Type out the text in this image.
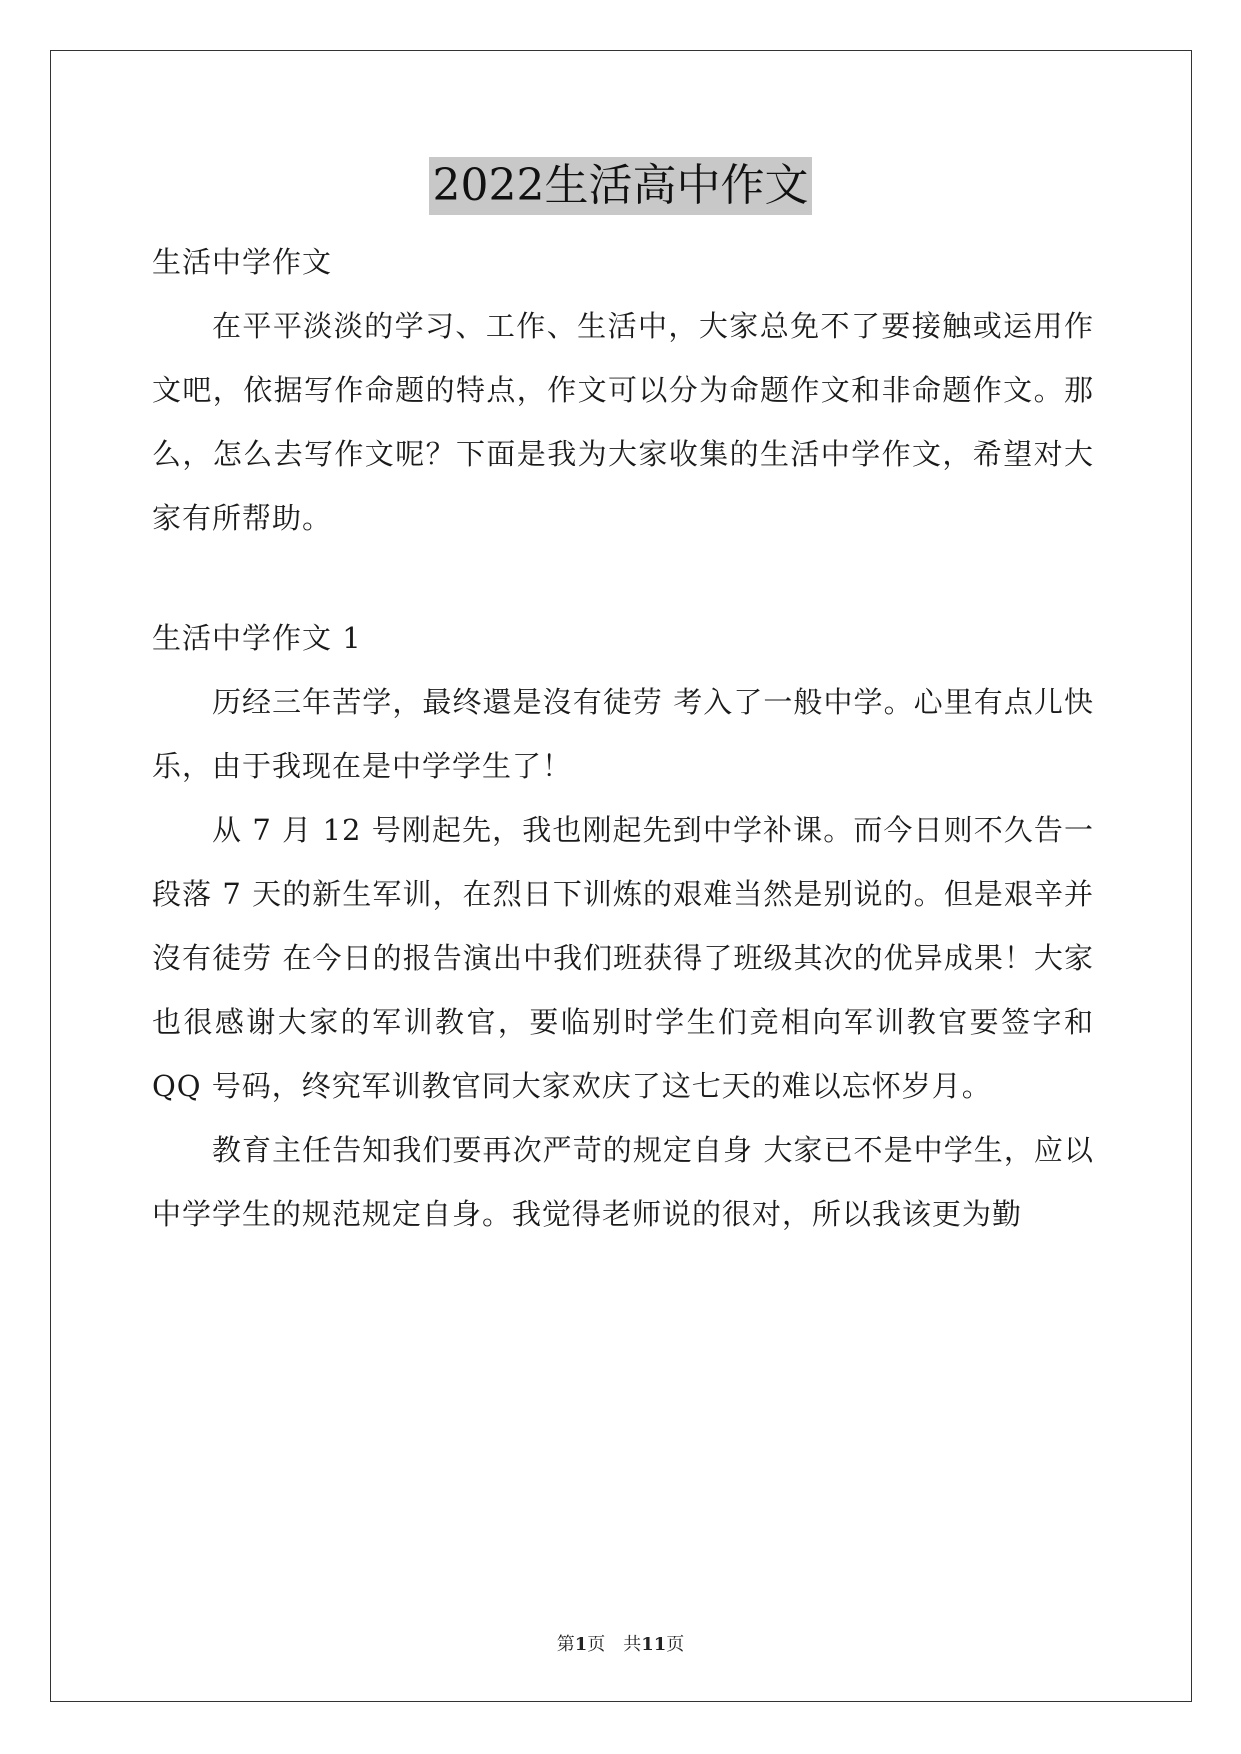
2022生活高中作文

生活中学作文

在平平淡淡的学习、工作、生活中，大家总免不了要接触或运用作文吧，依据写作命题的特点，作文可以分为命题作文和非命题作文。那么，怎么去写作文呢？下面是我为大家收集的生活中学作文，希望对大家有所帮助。

生活中学作文 1

历经三年苦学，最终還是沒有徒劳 考入了一般中学。心里有点儿快乐，由于我现在是中学学生了！

从 7 月 12 号刚起先，我也刚起先到中学补课。而今日则不久告一段落 7 天的新生军训，在烈日下训炼的艰难当然是别说的。但是艰辛并沒有徒劳 在今日的报告演出中我们班获得了班级其次的优异成果！大家也很感谢大家的军训教官，要临别时学生们竞相向军训教官要签字和 QQ 号码，终究军训教官同大家欢庆了这七天的难以忘怀岁月。

教育主任告知我们要再次严苛的规定自身 大家已不是中学生，应以中学学生的规范规定自身。我觉得老师说的很对，所以我该更为勤

第1页　共11页
